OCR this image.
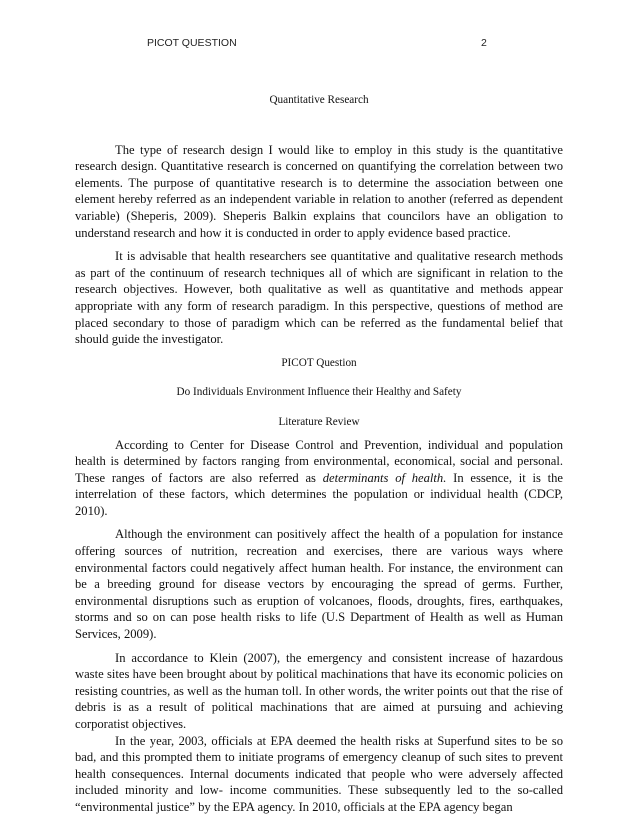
PICOT QUESTION	2
Quantitative Research

The type of research design I would like to employ in this study is the quantitative research design. Quantitative research is concerned on quantifying the correlation between two elements. The purpose of quantitative research is to determine the association between one element hereby referred as an independent variable in relation to another (referred as dependent variable) (Sheperis, 2009). Sheperis Balkin explains that councilors have an obligation to understand research and how it is conducted in order to apply evidence based practice.

It is advisable that health researchers see quantitative and qualitative research methods as part of the continuum of research techniques all of which are significant in relation to the research objectives. However, both qualitative as well as quantitative and methods appear appropriate with any form of research paradigm. In this perspective, questions of method are placed secondary to those of paradigm which can be referred as the fundamental belief that should guide the investigator.

PICOT Question
Do Individuals Environment Influence their Healthy and Safety
Literature Review

According to Center for Disease Control and Prevention, individual and population health is determined by factors ranging from environmental, economical, social and personal. These ranges of factors are also referred as determinants of health. In essence, it is the interrelation of these factors, which determines the population or individual health (CDCP, 2010).

Although the environment can positively affect the health of a population for instance offering sources of nutrition, recreation and exercises, there are various ways where environmental factors could negatively affect human health. For instance, the environment can be a breeding ground for disease vectors by encouraging the spread of germs. Further, environmental disruptions such as eruption of volcanoes, floods, droughts, fires, earthquakes, storms and so on can pose health risks to life (U.S Department of Health as well as Human Services, 2009).

In accordance to Klein (2007), the emergency and consistent increase of hazardous waste sites have been brought about by political machinations that have its economic policies on resisting countries, as well as the human toll. In other words, the writer points out that the rise of debris is as a result of political machinations that are aimed at pursuing and achieving corporatist objectives.

In the year, 2003, officials at EPA deemed the health risks at Superfund sites to be so bad, and this prompted them to initiate programs of emergency cleanup of such sites to prevent health consequences. Internal documents indicated that people who were adversely affected included minority and low- income communities. These subsequently led to the so-called “environmental justice” by the EPA agency. In 2010, officials at the EPA agency began
